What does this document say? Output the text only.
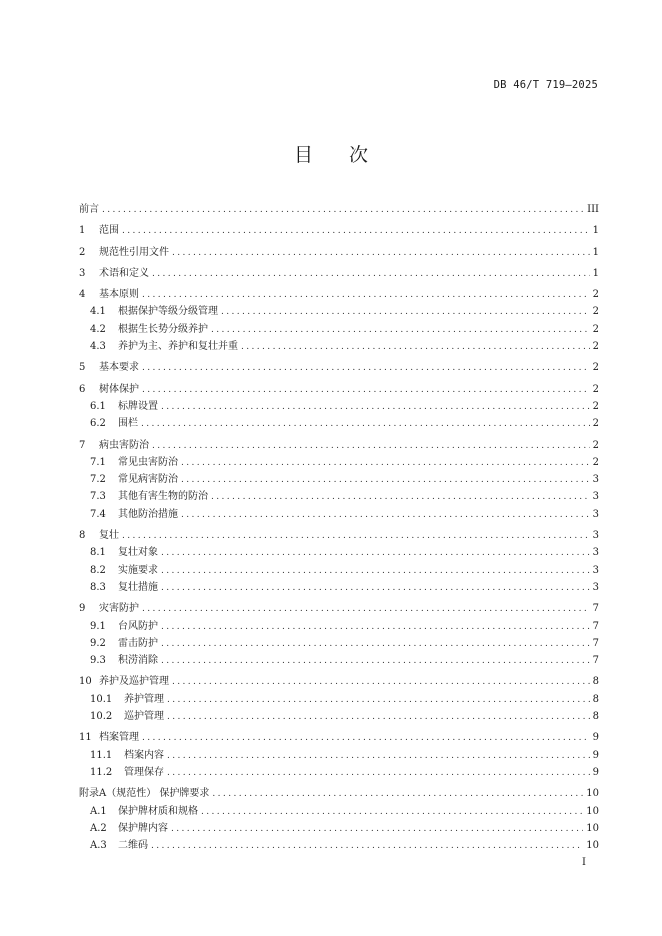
DB 46/T 719—2025
目次
前言 .....	III
1	范围 .....	1
2	规范性引用文件 .....	1
3	术语和定义 .....	1
4	基本原则 .....	2
4.1	根据保护等级分级管理 .....	2
4.2	根据生长势分级养护 .....	2
4.3	养护为主、养护和复壮并重 .....	2
5	基本要求 .....	2
6	树体保护 .....	2
6.1	标牌设置 .....	2
6.2	围栏 .....	2
7	病虫害防治 .....	2
7.1	常见虫害防治 .....	2
7.2	常见病害防治 .....	3
7.3	其他有害生物的防治 .....	3
7.4	其他防治措施 .....	3
8	复壮 .....	3
8.1	复壮对象 .....	3
8.2	实施要求 .....	3
8.3	复壮措施 .....	3
9	灾害防护 .....	7
9.1	台风防护 .....	7
9.2	雷击防护 .....	7
9.3	积涝消除 .....	7
10 养护及巡护管理 .....	8
10.1	养护管理 .....	8
10.2	巡护管理 .....	8
11 档案管理 .....	9
11.1	档案内容 .....	9
11.2	管理保存 .....	9
附录A（规范性） 保护牌要求 .....	10
A.1	保护牌材质和规格 .....	10
A.2	保护牌内容 .....	10
A.3	二维码 .....	10
I
